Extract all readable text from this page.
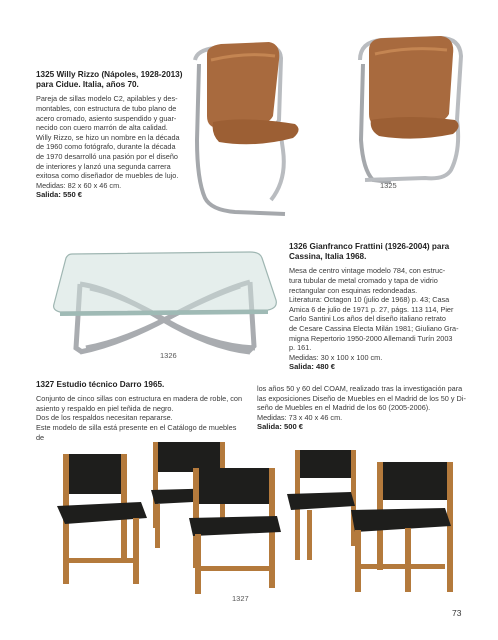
1325 Willy Rizzo (Nápoles, 1928-2013) para Cidue. Italia, años 70.
Pareja de sillas modelo C2, apilables y des-
montables, con estructura de tubo plano de
acero cromado, asiento suspendido y guar-
necido con cuero marrón de alta calidad.
Willy Rizzo, se hizo un nombre en la década
de 1960 como fotógrafo, durante la década
de 1970 desarrolló una pasión por el diseño
de interiores y lanzó una segunda carrera
exitosa como diseñador de muebles de lujo.
Medidas: 82 x 60 x 46 cm.
Salida: 550 €
1325
1326
1326 Gianfranco Frattini (1926-2004) para Cassina, Italia 1968.
Mesa de centro vintage modelo 784, con estruc-
tura tubular de metal cromado y tapa de vidrio
rectangular con esquinas redondeadas.
Literatura: Octagon 10 (julio de 1968) p. 43; Casa
Amica 6 de julio de 1971 p. 27, págs. 113 114, Pier
Carlo Santini Los años del diseño italiano retrato
de Cesare Cassina Electa Milán 1981; Giuliano Gra-
migna Repertorio 1950-2000 Allemandi Turín 2003
p. 161.
Medidas: 30 x 100 x 100 cm.
Salida: 480 €
1327 Estudio técnico Darro 1965.
Conjunto de cinco sillas con estructura en madera de roble, con
asiento y respaldo en piel teñida de negro.
Dos de los respaldos necesitan repararse.
Este modelo de silla está presente en el Catálogo de muebles de
los años 50 y 60 del COAM, realizado tras la investigación para
las exposiciones Diseño de Muebles en el Madrid de los 50 y Di-
seño de Muebles en el Madrid de los 60 (2005-2006).
Medidas: 73 x 40 x 46 cm.
Salida: 500 €
1327
73
